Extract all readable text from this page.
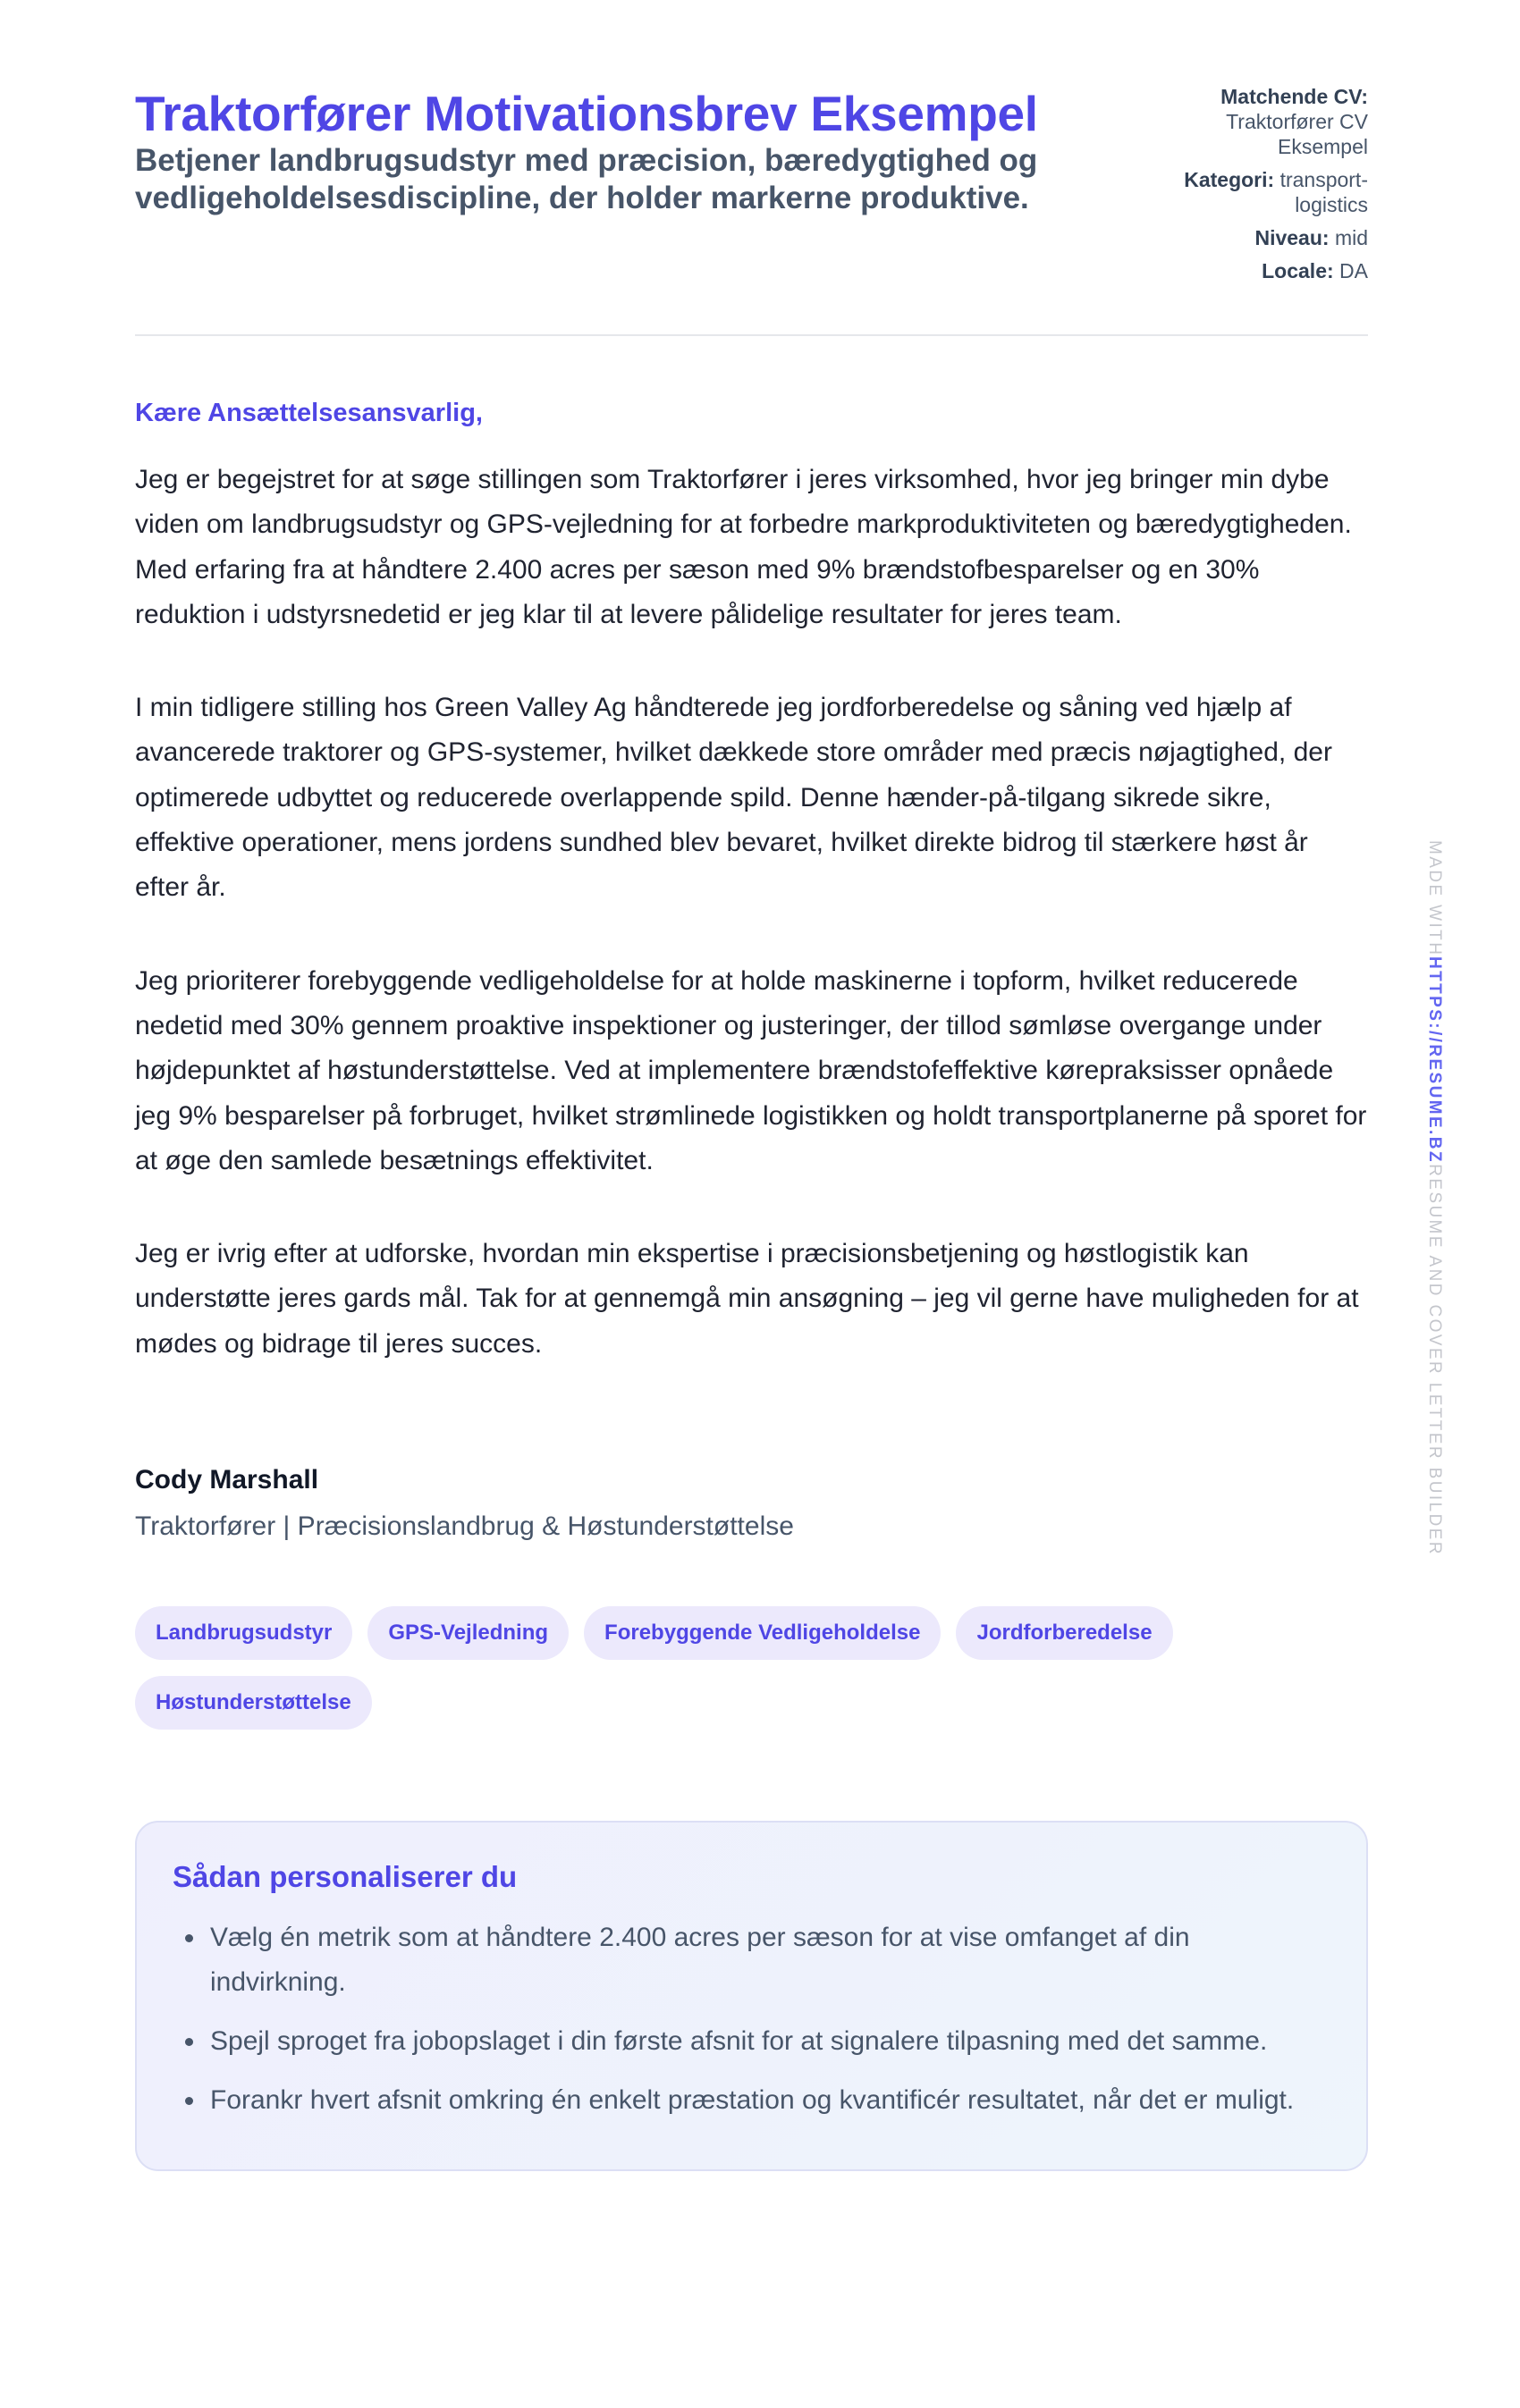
Traktorfører Motivationsbrev Eksempel
Betjener landbrugsudstyr med præcision, bæredygtighed og vedligeholdelsesdiscipline, der holder markerne produktive.
Matchende CV: Traktorfører CV Eksempel
Kategori: transport-logistics
Niveau: mid
Locale: DA
Kære Ansættelsesansvarlig,

Jeg er begejstret for at søge stillingen som Traktorfører i jeres virksomhed, hvor jeg bringer min dybe viden om landbrugsudstyr og GPS-vejledning for at forbedre markproduktiviteten og bæredygtigheden. Med erfaring fra at håndtere 2.400 acres per sæson med 9% brændstofbesparelser og en 30% reduktion i udstyrsnedetid er jeg klar til at levere pålidelige resultater for jeres team.

I min tidligere stilling hos Green Valley Ag håndterede jeg jordforberedelse og såning ved hjælp af avancerede traktorer og GPS-systemer, hvilket dækkede store områder med præcis nøjagtighed, der optimerede udbyttet og reducerede overlappende spild. Denne hænder-på-tilgang sikrede sikre, effektive operationer, mens jordens sundhed blev bevaret, hvilket direkte bidrog til stærkere høst år efter år.

Jeg prioriterer forebyggende vedligeholdelse for at holde maskinerne i topform, hvilket reducerede nedetid med 30% gennem proaktive inspektioner og justeringer, der tillod sømløse overgange under højdepunktet af høstunderstøttelse. Ved at implementere brændstofeffektive kørepraksisser opnåede jeg 9% besparelser på forbruget, hvilket strømlinede logistikken og holdt transportplanerne på sporet for at øge den samlede besætnings effektivitet.

Jeg er ivrig efter at udforske, hvordan min ekspertise i præcisionsbetjening og høstlogistik kan understøtte jeres gards mål. Tak for at gennemgå min ansøgning – jeg vil gerne have muligheden for at mødes og bidrage til jeres succes.

Cody Marshall
Traktorfører | Præcisionslandbrug & Høstunderstøttelse
Landbrugsudstyr	GPS-Vejledning	Forebyggende Vedligeholdelse	Jordforberedelse
Høstunderstøttelse
Sådan personaliserer du
• Vælg én metrik som at håndtere 2.400 acres per sæson for at vise omfanget af din indvirkning.
• Spejl sproget fra jobopslaget i din første afsnit for at signalere tilpasning med det samme.
• Forankr hvert afsnit omkring én enkelt præstation og kvantificér resultatet, når det er muligt.
MADE WITHHTTPS://RESUME.BZRESUME AND COVER LETTER BUILDER
